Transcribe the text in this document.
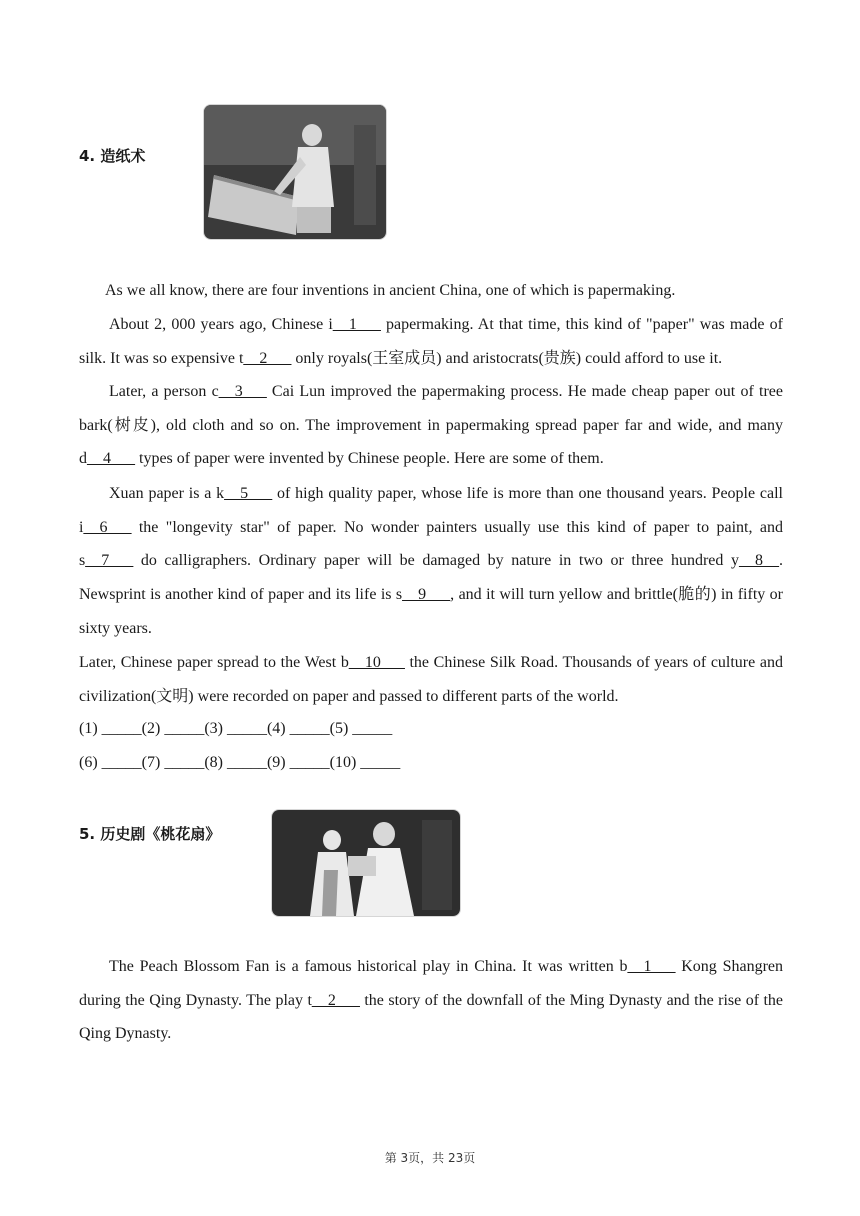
4. 造纸术
As we all know, there are four inventions in ancient China, one of which is papermaking.
About 2, 000 years ago, Chinese i__1___ papermaking. At that time, this kind of "paper" was made of silk. It was so expensive t__2___ only royals(王室成员) and aristocrats(贵族) could afford to use it.
Later, a person c__3___ Cai Lun improved the papermaking process. He made cheap paper out of tree bark(树皮), old cloth and so on. The improvement in papermaking spread paper far and wide, and many d__4___ types of paper were invented by Chinese people. Here are some of them.
Xuan paper is a k__5___ of high quality paper, whose life is more than one thousand years. People call i__6___ the "longevity star" of paper. No wonder painters usually use this kind of paper to paint, and s__7___ do calligraphers. Ordinary paper will be damaged by nature in two or three hundred y__8__. Newsprint is another kind of paper and its life is s__9___, and it will turn yellow and brittle(脆的) in fifty or sixty years.
Later, Chinese paper spread to the West b__10___ the Chinese Silk Road. Thousands of years of culture and civilization(文明) were recorded on paper and passed to different parts of the world.
(1) _____(2) _____(3) _____(4) _____(5) _____
(6) _____(7) _____(8) _____(9) _____(10) _____
5. 历史剧《桃花扇》
The Peach Blossom Fan is a famous historical play in China. It was written b__1___ Kong Shangren during the Qing Dynasty. The play t__2___ the story of the downfall of the Ming Dynasty and the rise of the Qing Dynasty.
第 3页，共 23页
